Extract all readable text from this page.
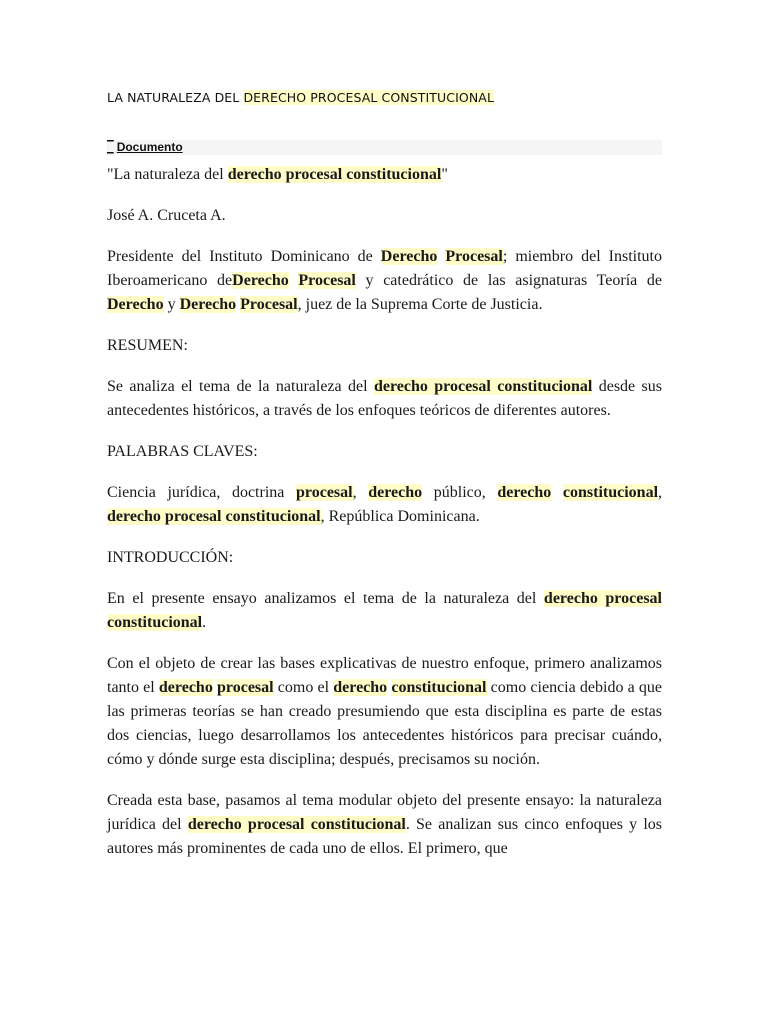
LA NATURALEZA DEL DERECHO PROCESAL CONSTITUCIONAL
_
_ Documento

"La naturaleza del derecho procesal constitucional"

José A. Cruceta A.

Presidente del Instituto Dominicano de Derecho Procesal; miembro del Instituto Iberoamericano deDerecho Procesal y catedrático de las asignaturas Teoría de Derecho y Derecho Procesal, juez de la Suprema Corte de Justicia.

RESUMEN:

Se analiza el tema de la naturaleza del derecho procesal constitucional desde sus antecedentes históricos, a través de los enfoques teóricos de diferentes autores.

PALABRAS CLAVES:

Ciencia jurídica, doctrina procesal, derecho público, derecho constitucional, derecho procesal constitucional, República Dominicana.

INTRODUCCIÓN:

En el presente ensayo analizamos el tema de la naturaleza del derecho procesal constitucional.

Con el objeto de crear las bases explicativas de nuestro enfoque, primero analizamos tanto el derecho procesal como el derecho constitucional como ciencia debido a que las primeras teorías se han creado presumiendo que esta disciplina es parte de estas dos ciencias, luego desarrollamos los antecedentes históricos para precisar cuándo, cómo y dónde surge esta disciplina; después, precisamos su noción.

Creada esta base, pasamos al tema modular objeto del presente ensayo: la naturaleza jurídica del derecho procesal constitucional. Se analizan sus cinco enfoques y los autores más prominentes de cada uno de ellos. El primero, que
